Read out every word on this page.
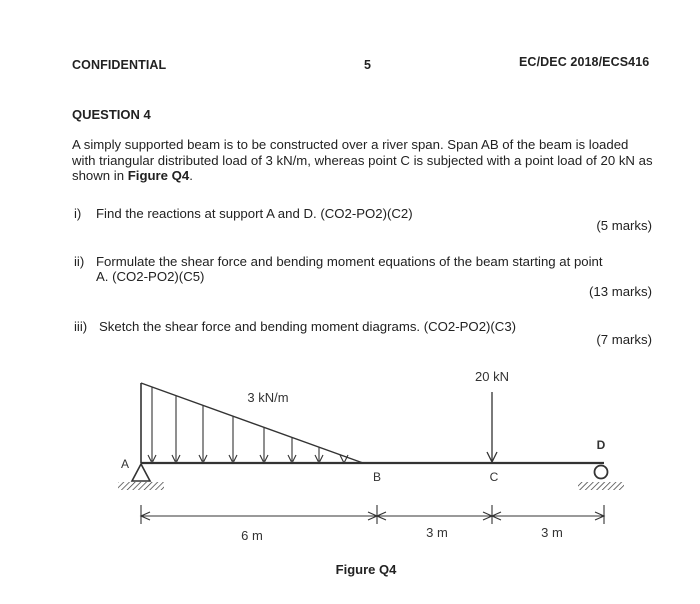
CONFIDENTIAL	5	EC/DEC 2018/ECS416
QUESTION 4
A simply supported beam is to be constructed over a river span. Span AB of the beam is loaded with triangular distributed load of 3 kN/m, whereas point C is subjected with a point load of 20 kN as shown in Figure Q4.
i) Find the reactions at support A and D. (CO2-PO2)(C2)
(5 marks)
ii) Formulate the shear force and bending moment equations of the beam starting at point
A. (CO2-PO2)(C5)
(13 marks)
iii) Sketch the shear force and bending moment diagrams. (CO2-PO2)(C3)
(7 marks)
3 kN/m
20 kN
A
B	C
D
6 m	3 m	3 m
Figure Q4
